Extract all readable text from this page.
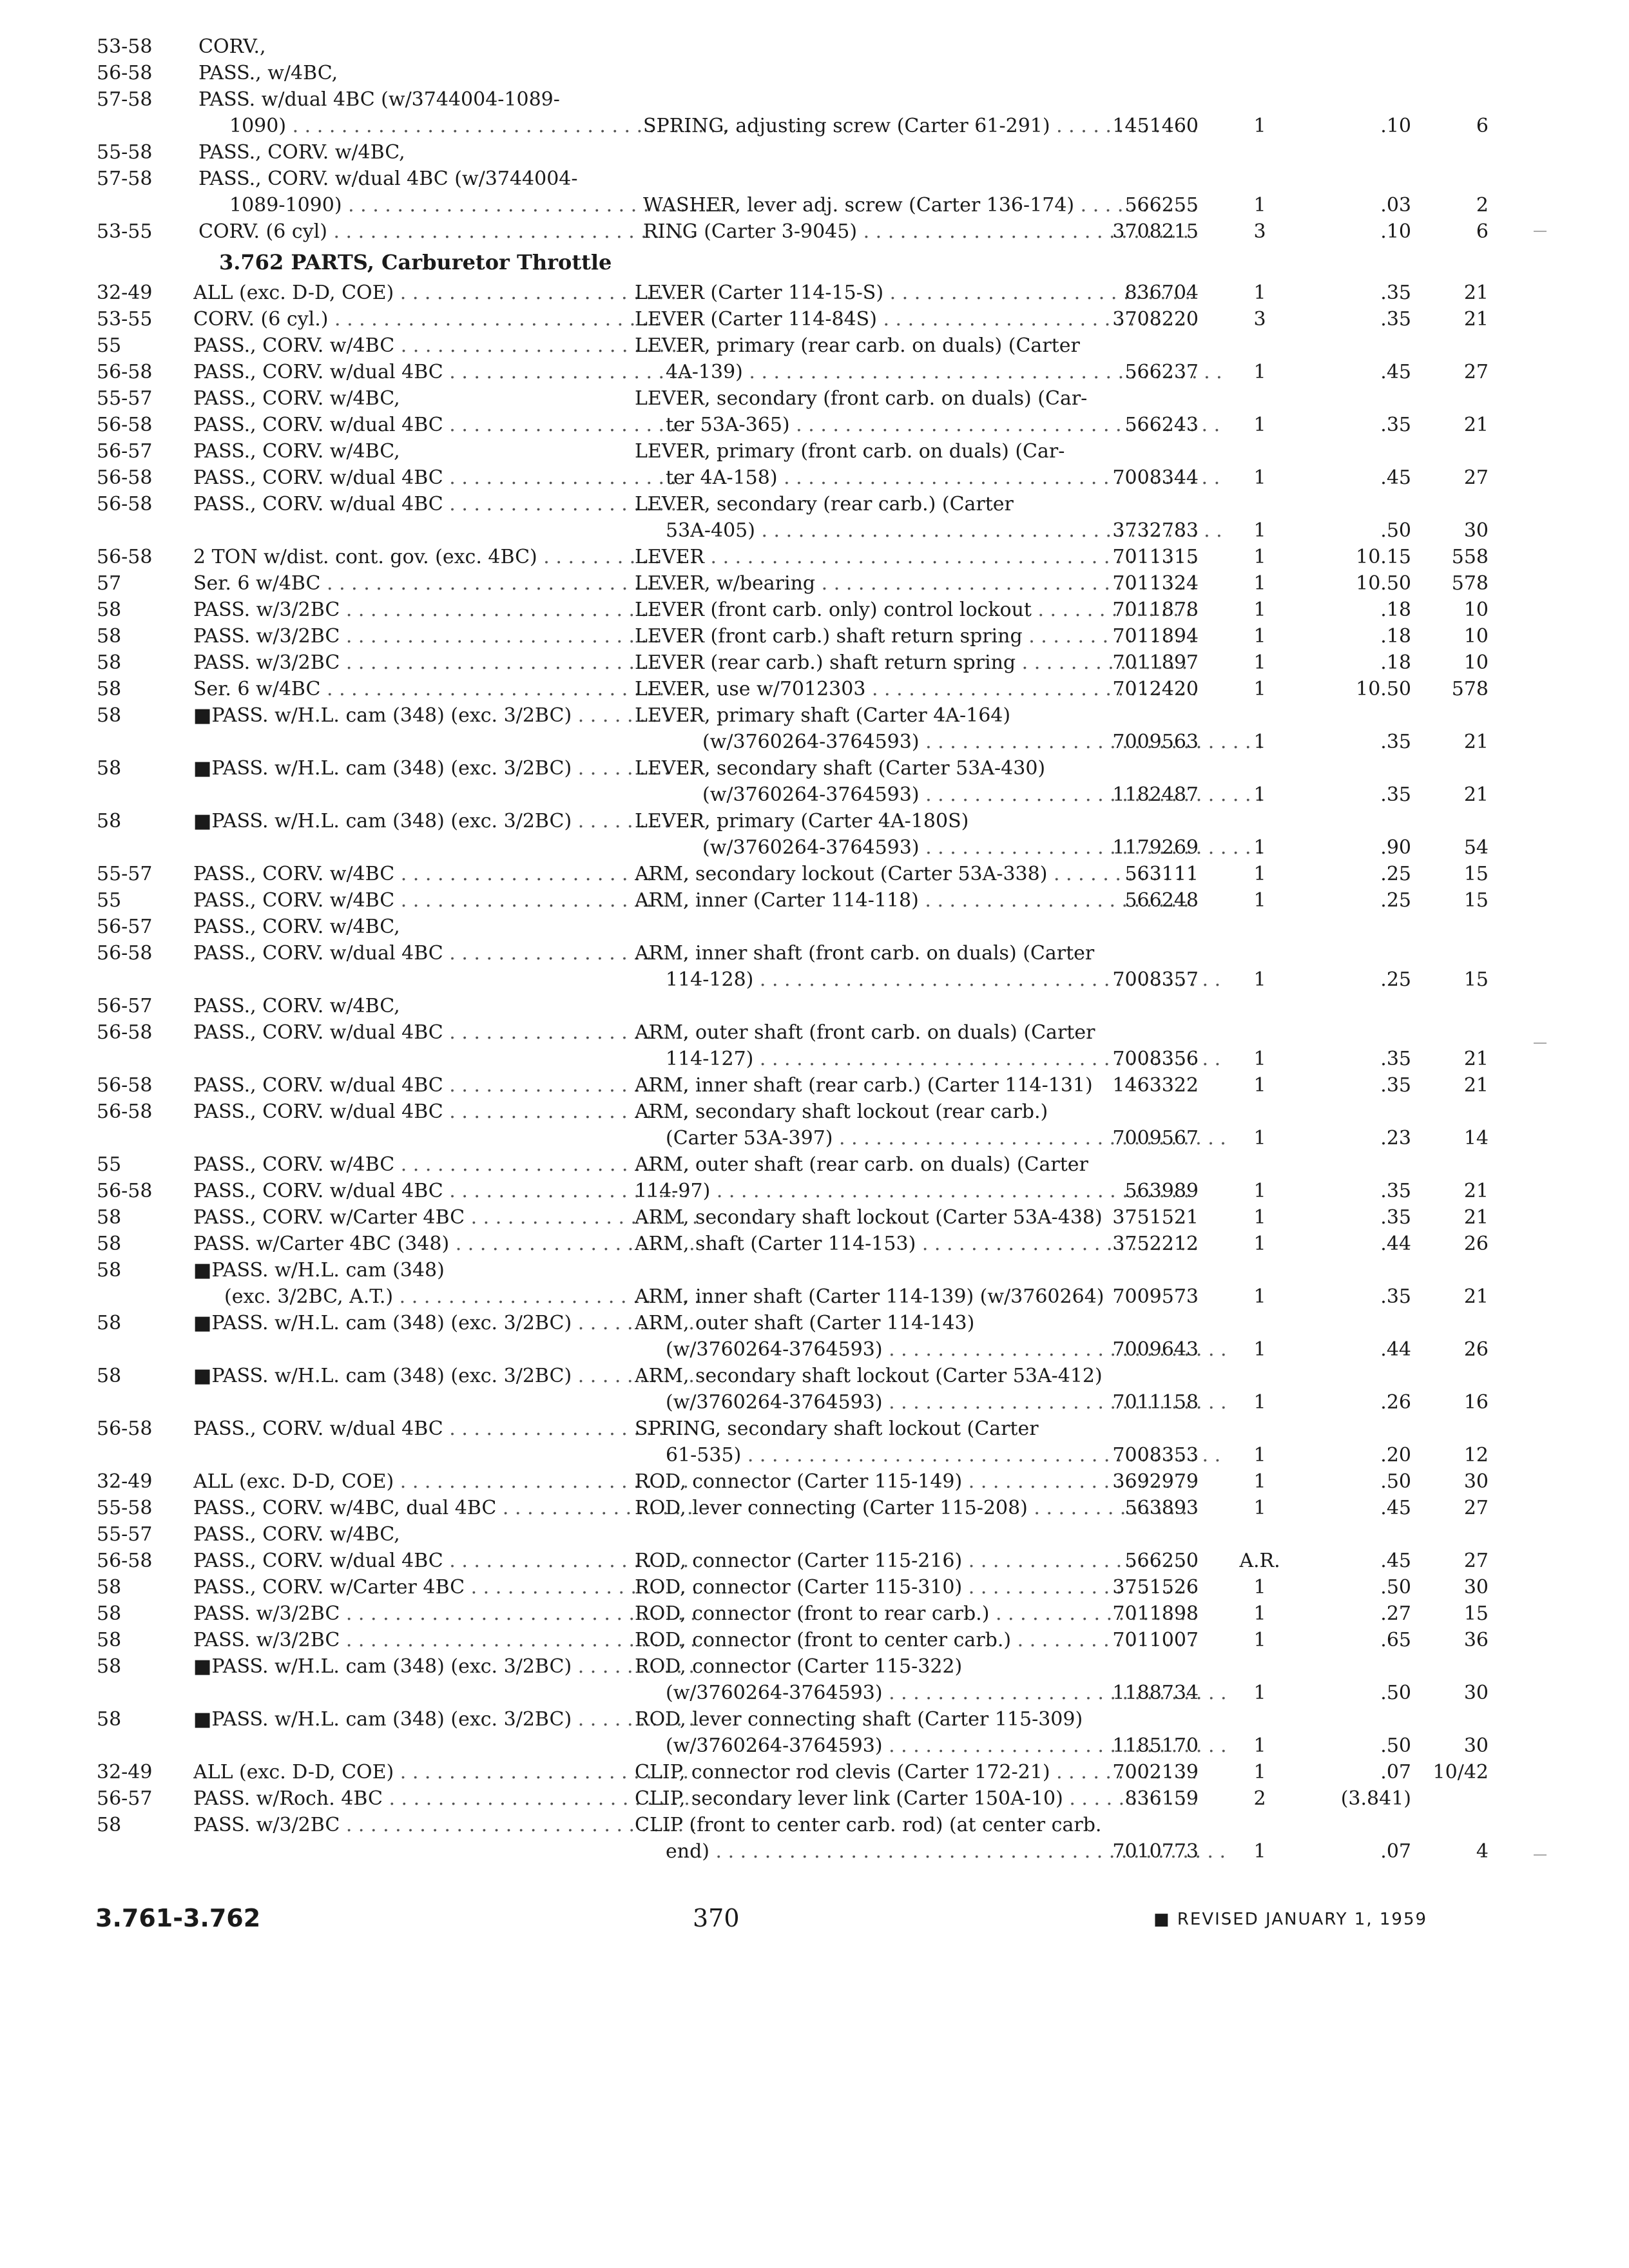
53-58	CORV.,
56-58	PASS., w/4BC,
57-58	PASS. w/dual 4BC (w/3744004-1089-
1090) . . .	SPRING, adjusting screw (Carter 61-291) . . .	1451460	1	.10	6
55-58	PASS., CORV. w/4BC,
57-58	PASS., CORV. w/dual 4BC (w/3744004-
1089-1090) . . .	WASHER, lever adj. screw (Carter 136-174) . . .	566255	1	.03	2
53-55	CORV. (6 cyl) . . .	RING (Carter 3-9045) . . .	3708215	3	.10	6
3.762 PARTS, Carburetor Throttle
32-49	ALL (exc. D-D, COE) . . .	LEVER (Carter 114-15-S) . . .	836704	1	.35	21
53-55	CORV. (6 cyl.) . . .	LEVER (Carter 114-84S) . . .	3708220	3	.35	21
55	PASS., CORV. w/4BC . . .	LEVER, primary (rear carb. on duals) (Carter
56-58	PASS., CORV. w/dual 4BC . . .	4A-139) . . .	566237	1	.45	27
55-57	PASS., CORV. w/4BC,	LEVER, secondary (front carb. on duals) (Car-
56-58	PASS., CORV. w/dual 4BC . . .	ter 53A-365) . . .	566243	1	.35	21
56-57	PASS., CORV. w/4BC,	LEVER, primary (front carb. on duals) (Car-
56-58	PASS., CORV. w/dual 4BC . . .	ter 4A-158) . . .	7008344	1	.45	27
56-58	PASS., CORV. w/dual 4BC . . .	LEVER, secondary (rear carb.) (Carter
53A-405) . . .	3732783	1	.50	30
56-58	2 TON w/dist. cont. gov. (exc. 4BC) . . .	LEVER . . .	7011315	1	10.15	558
57	Ser. 6 w/4BC . . .	LEVER, w/bearing . . .	7011324	1	10.50	578
58	PASS. w/3/2BC . . .	LEVER (front carb. only) control lockout . . .	7011878	1	.18	10
58	PASS. w/3/2BC . . .	LEVER (front carb.) shaft return spring . . .	7011894	1	.18	10
58	PASS. w/3/2BC . . .	LEVER (rear carb.) shaft return spring . . .	7011897	1	.18	10
58	Ser. 6 w/4BC . . .	LEVER, use w/7012303 . . .	7012420	1	10.50	578
58	■PASS. w/H.L. cam (348) (exc. 3/2BC) . . .	LEVER, primary shaft (Carter 4A-164)
(w/3760264-3764593) . . .	7009563	1	.35	21
58	■PASS. w/H.L. cam (348) (exc. 3/2BC) . . .	LEVER, secondary shaft (Carter 53A-430)
(w/3760264-3764593) . . .	1182487	1	.35	21
58	■PASS. w/H.L. cam (348) (exc. 3/2BC) . . .	LEVER, primary (Carter 4A-180S)
(w/3760264-3764593) . . .	1179269	1	.90	54
55-57	PASS., CORV. w/4BC . . .	ARM, secondary lockout (Carter 53A-338) . . .	563111	1	.25	15
55	PASS., CORV. w/4BC . . .	ARM, inner (Carter 114-118) . . .	566248	1	.25	15
56-57	PASS., CORV. w/4BC,
56-58	PASS., CORV. w/dual 4BC . . .	ARM, inner shaft (front carb. on duals) (Carter
114-128) . . .	7008357	1	.25	15
56-57	PASS., CORV. w/4BC,
56-58	PASS., CORV. w/dual 4BC . . .	ARM, outer shaft (front carb. on duals) (Carter
114-127) . . .	7008356	1	.35	21
56-58	PASS., CORV. w/dual 4BC . . .	ARM, inner shaft (rear carb.) (Carter 114-131)	1463322	1	.35	21
56-58	PASS., CORV. w/dual 4BC . . .	ARM, secondary shaft lockout (rear carb.)
(Carter 53A-397) . . .	7009567	1	.23	14
55	PASS., CORV. w/4BC . . .	ARM, outer shaft (rear carb. on duals) (Carter
56-58	PASS., CORV. w/dual 4BC . . .	114-97) . . .	563989	1	.35	21
58	PASS., CORV. w/Carter 4BC . . .	ARM, secondary shaft lockout (Carter 53A-438) 3751521	1	.35	21
58	PASS. w/Carter 4BC (348) . . .	ARM, shaft (Carter 114-153) . . .	3752212	1	.44	26
58	■PASS. w/H.L. cam (348)
(exc. 3/2BC, A.T.) . . .	ARM, inner shaft (Carter 114-139) (w/3760264) 7009573	1	.35	21
58	■PASS. w/H.L. cam (348) (exc. 3/2BC) . . .	ARM, outer shaft (Carter 114-143)
(w/3760264-3764593) . . .	7009643	1	.44	26
58	■PASS. w/H.L. cam (348) (exc. 3/2BC) . . .	ARM, secondary shaft lockout (Carter 53A-412)
(w/3760264-3764593) . . .	7011158	1	.26	16
56-58	PASS., CORV. w/dual 4BC . . .	SPRING, secondary shaft lockout (Carter
61-535) . . .	7008353	1	.20	12
32-49	ALL (exc. D-D, COE) . . .	ROD, connector (Carter 115-149) . . .	3692979	1	.50	30
55-58	PASS., CORV. w/4BC, dual 4BC . . .	ROD, lever connecting (Carter 115-208) . . .	563893	1	.45	27
55-57	PASS., CORV. w/4BC,
56-58	PASS., CORV. w/dual 4BC . . .	ROD, connector (Carter 115-216) . . .	566250 A.R.	.45	27
58	PASS., CORV. w/Carter 4BC . . .	ROD, connector (Carter 115-310) . . .	3751526	1	.50	30
58	PASS. w/3/2BC . . .	ROD, connector (front to rear carb.) . . .	7011898	1	.27	15
58	PASS. w/3/2BC . . .	ROD, connector (front to center carb.) . . .	7011007	1	.65	36
58	■PASS. w/H.L. cam (348) (exc. 3/2BC) . . .	ROD, connector (Carter 115-322)
(w/3760264-3764593) . . .	1188734	1	.50	30
58	■PASS. w/H.L. cam (348) (exc. 3/2BC) . . .	ROD, lever connecting shaft (Carter 115-309)
(w/3760264-3764593) . . .	1185170	1	.50	30
32-49	ALL (exc. D-D, COE) . . .	CLIP, connector rod clevis (Carter 172-21) . . .	7002139	1	.07	10/42
56-57	PASS. w/Roch. 4BC . . .	CLIP, secondary lever link (Carter 150A-10) . . .	836159	2	(3.841)
58	PASS. w/3/2BC . . .	CLIP (front to center carb. rod) (at center carb.
end) . . .	7010773	1	.07	4
3.761-3.762	370	■ REVISED JANUARY 1, 1959
